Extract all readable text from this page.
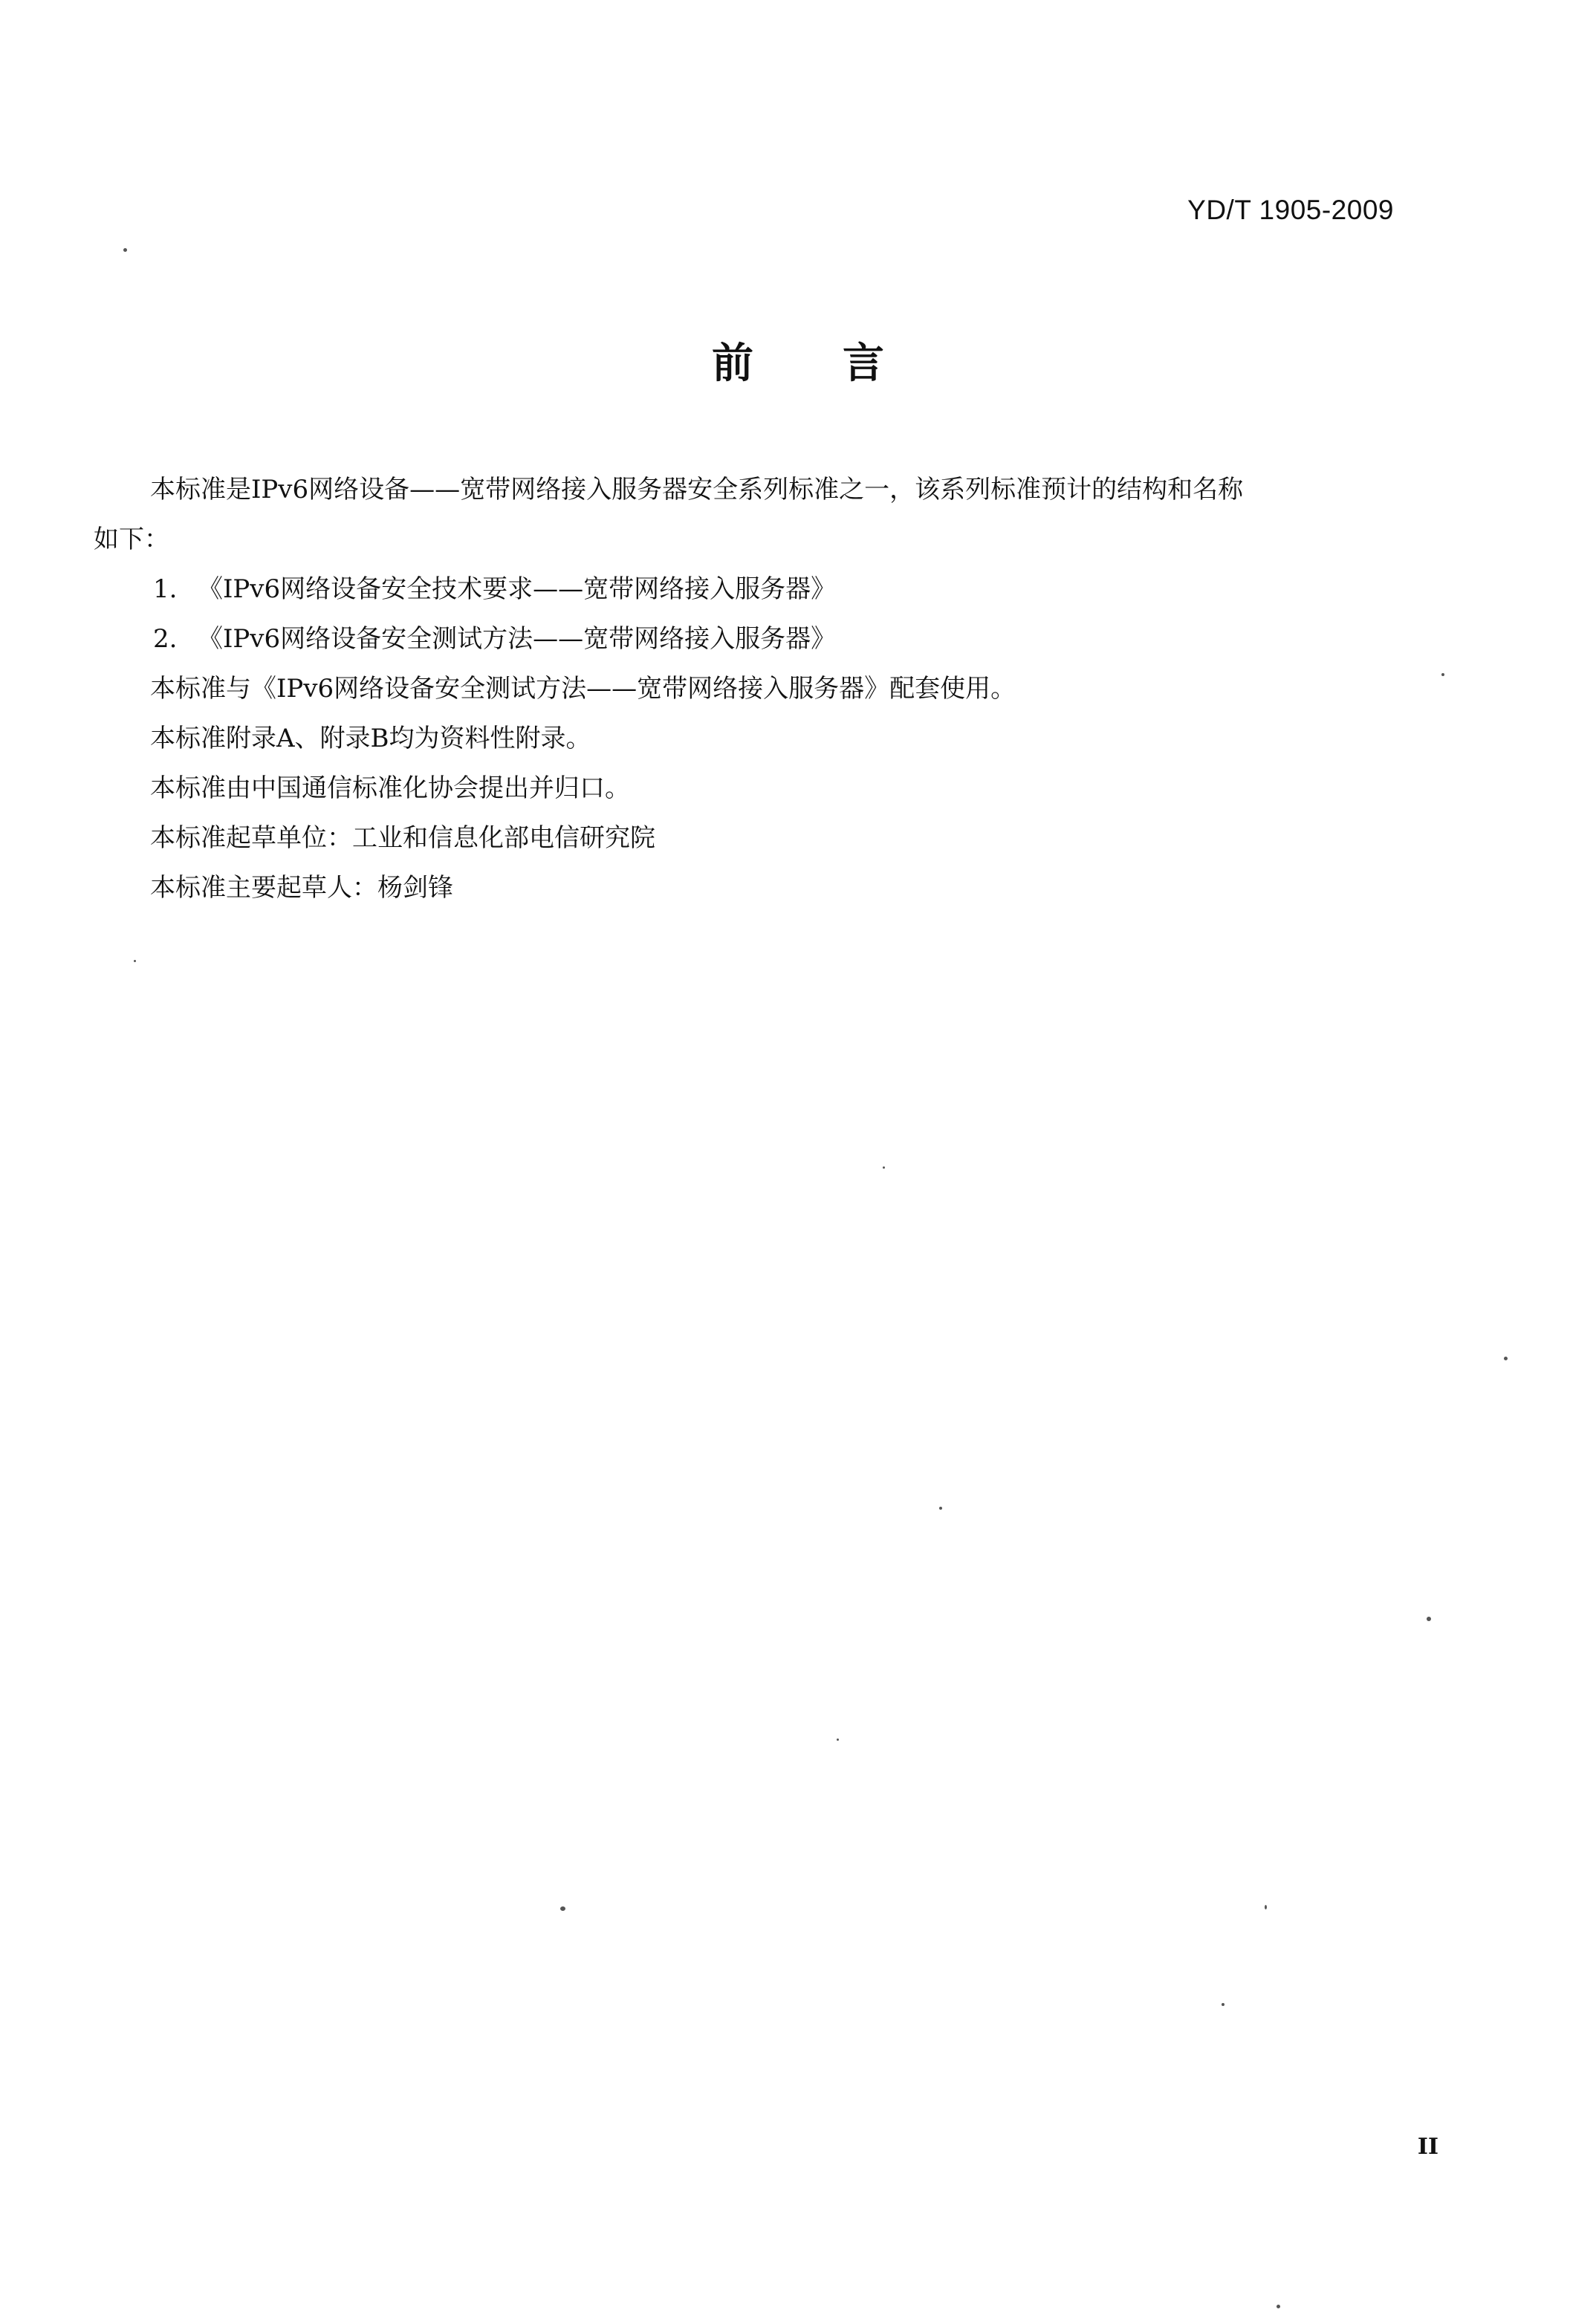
YD/T 1905-2009
前言

本标准是IPv6网络设备——宽带网络接入服务器安全系列标准之一，该系列标准预计的结构和名称

如下：

1. 《IPv6网络设备安全技术要求——宽带网络接入服务器》

2. 《IPv6网络设备安全测试方法——宽带网络接入服务器》

本标准与《IPv6网络设备安全测试方法——宽带网络接入服务器》配套使用。

本标准附录A、附录B均为资料性附录。

本标准由中国通信标准化协会提出并归口。

本标准起草单位：工业和信息化部电信研究院

本标准主要起草人：杨剑锋

II
